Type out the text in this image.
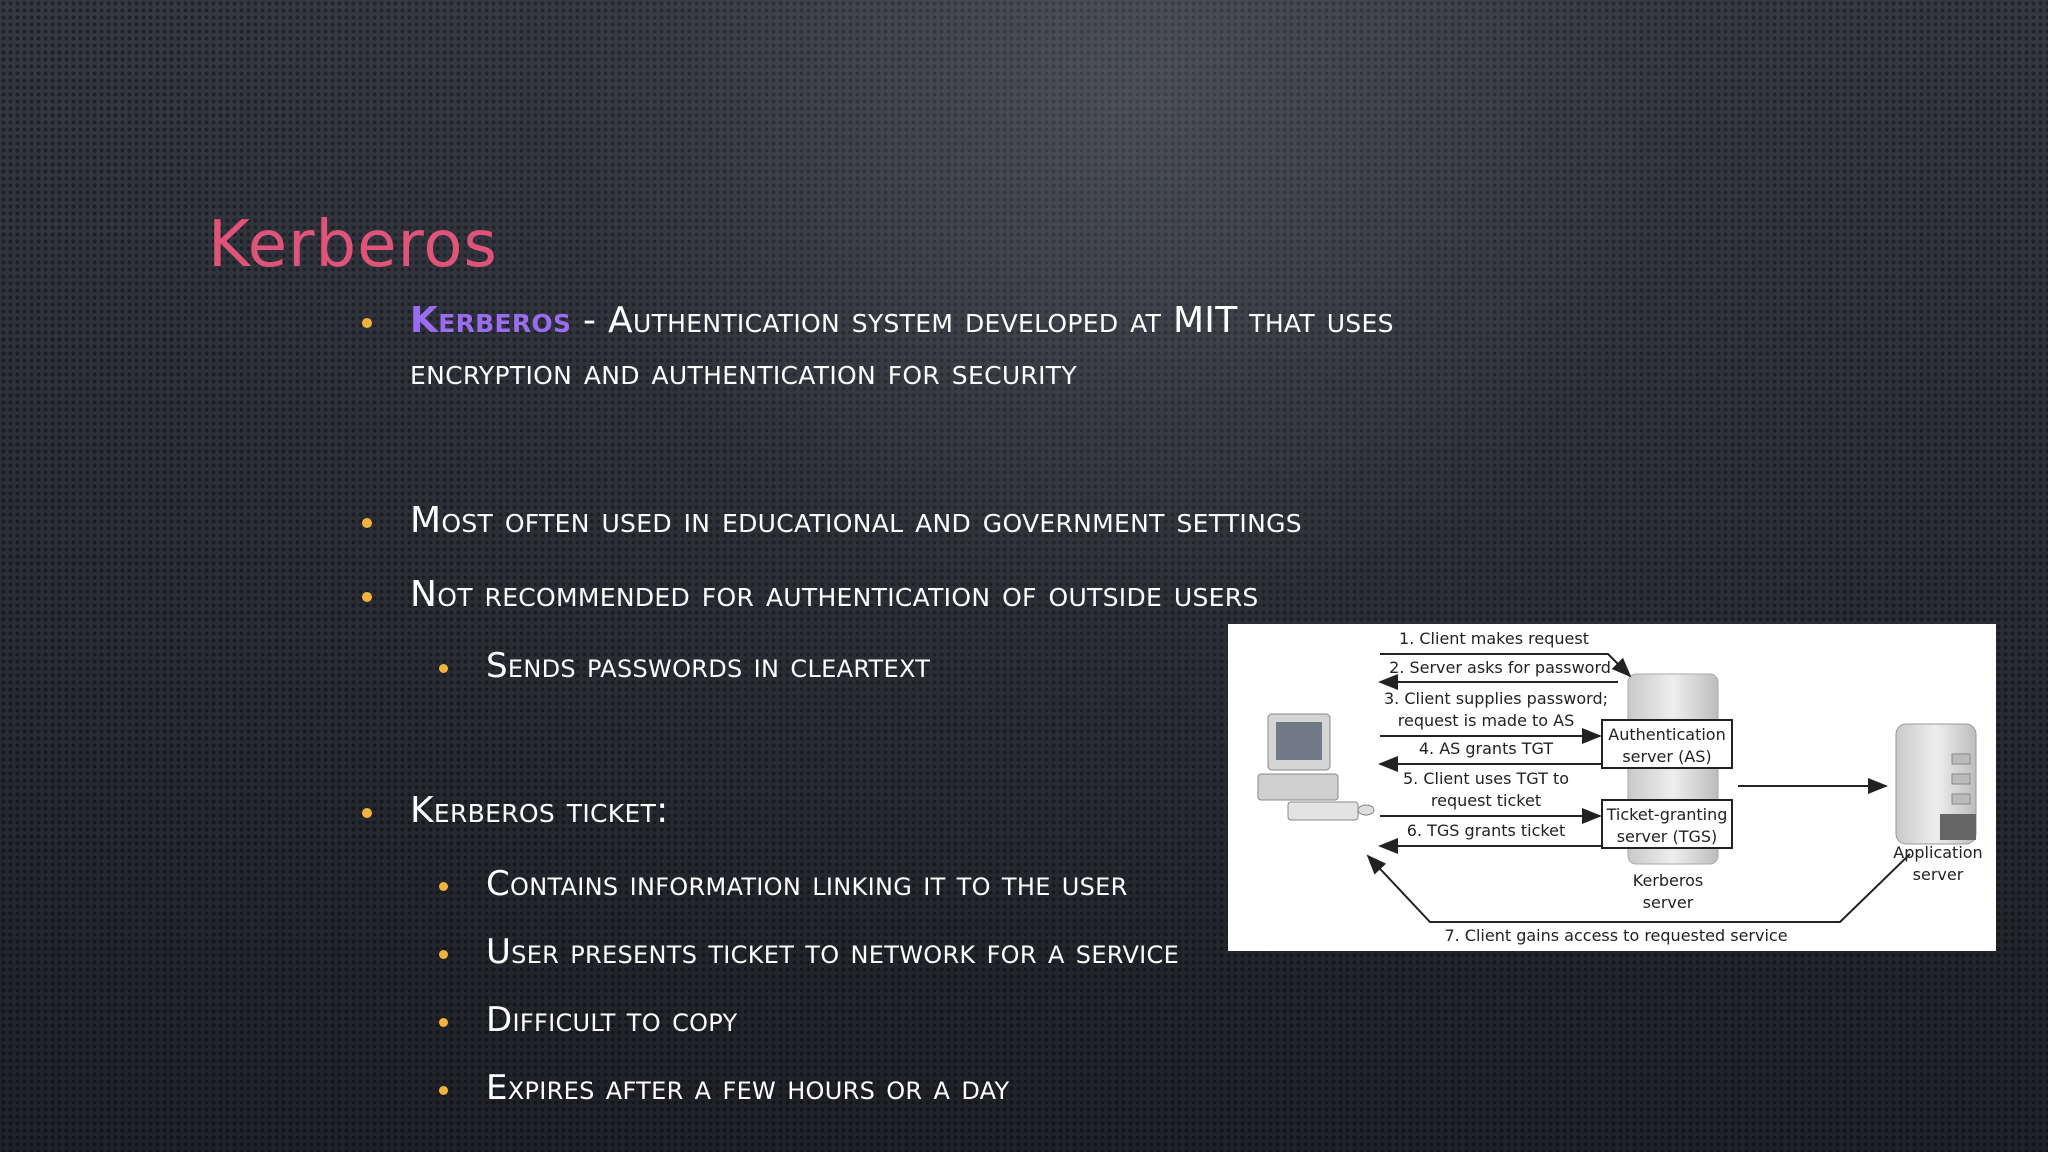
Kerberos
Kerberos - Authentication system developed at MIT that uses
encryption and authentication for security
Most often used in educational and government settings
Not recommended for authentication of outside users
Sends passwords in cleartext
Kerberos ticket:
Contains information linking it to the user
User presents ticket to network for a service
Difficult to copy
Expires after a few hours or a day
Authentication
server (AS)
Ticket-granting
server (TGS)
1. Client makes request
2. Server asks for password
3. Client supplies password;
request is made to AS
4. AS grants TGT
5. Client uses TGT to
request ticket
6. TGS grants ticket
7. Client gains access to requested service
Kerberos
server
Application
server
